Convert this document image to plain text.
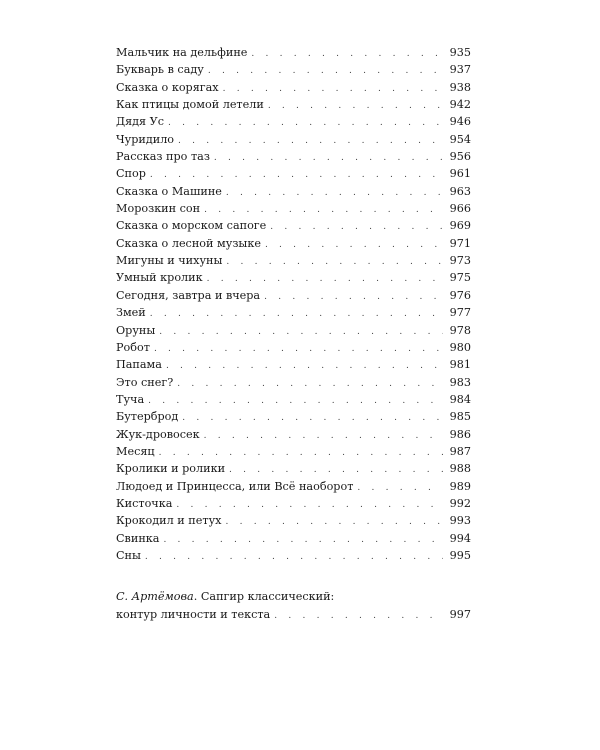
Мальчик на дельфине . . .	935
Букварь в саду . . .	937
Сказка о корягах . . .	938
Как птицы домой летели . . .	942
Дядя Ус . . .	946
Чуридило . . .	954
Рассказ про таз . . .	956
Спор . . .	961
Сказка о Машине . . .	963
Морозкин сон . . .	966
Сказка о морском сапоге . . .	969
Сказка о лесной музыке . . .	971
Мигуны и чихуны . . .	973
Умный кролик . . .	975
Сегодня, завтра и вчера . . .	976
Змей . . .	977
Оруны . . .	978
Робот . . .	980
Папама . . .	981
Это снег? . . .	983
Туча . . .	984
Бутерброд . . .	985
Жук-дровосек . . .	986
Месяц . . .	987
Кролики и ролики . . .	988
Людоед и Принцесса, или Всё наоборот . . .	989
Кисточка . . .	992
Крокодил и петух . . .	993
Свинка . . .	994
Сны . . .	995
С. Артёмова. Сапгир классический:
контур личности и текста . . .	997
